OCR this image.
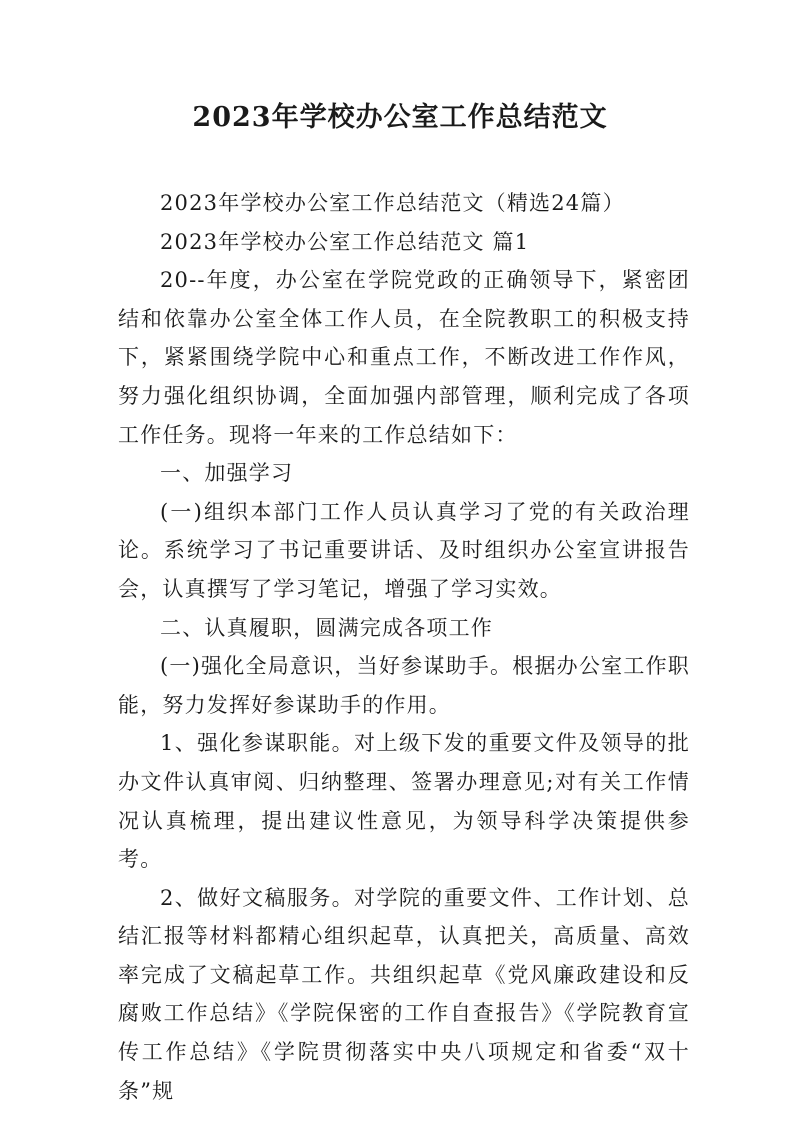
2023年学校办公室工作总结范文

2023年学校办公室工作总结范文（精选24篇）

2023年学校办公室工作总结范文 篇1

20--年度，办公室在学院党政的正确领导下，紧密团结和依靠办公室全体工作人员，在全院教职工的积极支持下，紧紧围绕学院中心和重点工作，不断改进工作作风，努力强化组织协调，全面加强内部管理，顺利完成了各项工作任务。现将一年来的工作总结如下：

一、加强学习

(一)组织本部门工作人员认真学习了党的有关政治理论。系统学习了书记重要讲话、及时组织办公室宣讲报告会，认真撰写了学习笔记，增强了学习实效。

二、认真履职，圆满完成各项工作

(一)强化全局意识，当好参谋助手。根据办公室工作职能，努力发挥好参谋助手的作用。

1、强化参谋职能。对上级下发的重要文件及领导的批办文件认真审阅、归纳整理、签署办理意见;对有关工作情况认真梳理，提出建议性意见，为领导科学决策提供参考。

2、做好文稿服务。对学院的重要文件、工作计划、总结汇报等材料都精心组织起草，认真把关，高质量、高效率完成了文稿起草工作。共组织起草《党风廉政建设和反腐败工作总结》《学院保密的工作自查报告》《学院教育宣传工作总结》《学院贯彻落实中央八项规定和省委“双十条”规
